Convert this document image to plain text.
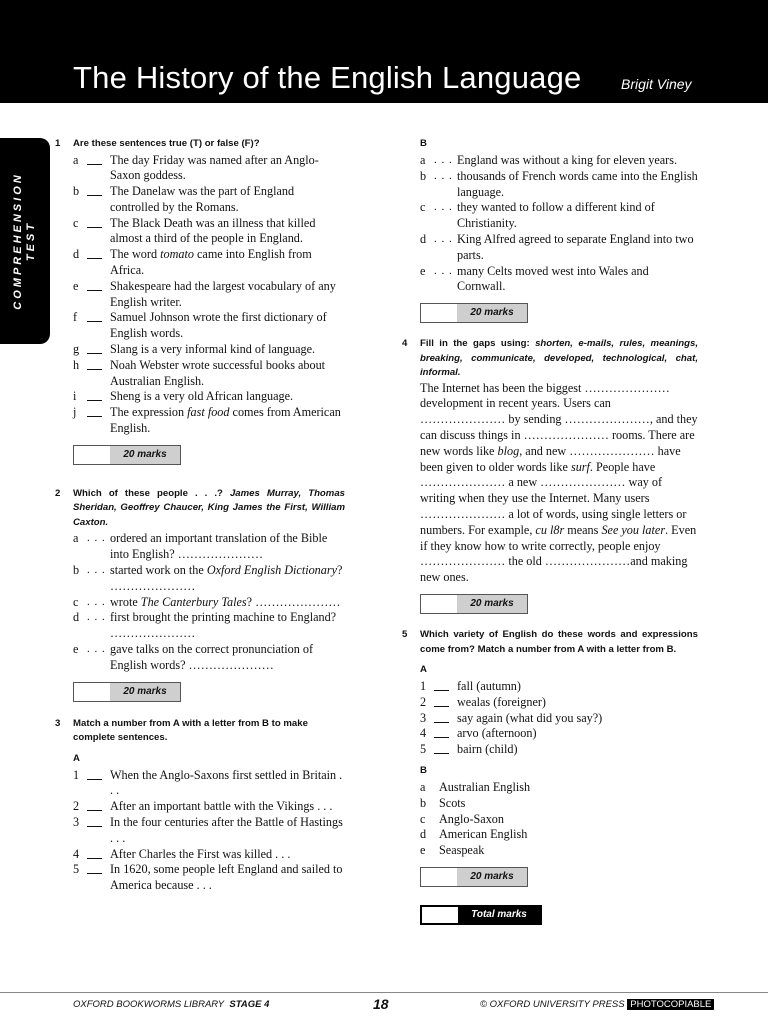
The History of the English Language	Brigit Viney
COMPREHENSION TEST
1 Are these sentences true (T) or false (F)?
a	The day Friday was named after an Anglo-Saxon goddess.
b	The Danelaw was the part of England controlled by the Romans.
c	The Black Death was an illness that killed almost a third of the people in England.
d	The word tomato came into English from Africa.
e	Shakespeare had the largest vocabulary of any English writer.
f	Samuel Johnson wrote the first dictionary of English words.
g	Slang is a very informal kind of language.
h	Noah Webster wrote successful books about Australian English.
i	Sheng is a very old African language.
j	The expression fast food comes from American English.
20 marks
2 Which of these people . . .? James Murray, Thomas Sheridan, Geoffrey Chaucer, King James the First, William Caxton.
a . . . ordered an important translation of the Bible into English? …………………
b . . . started work on the Oxford English Dictionary? …………………
c . . . wrote The Canterbury Tales? …………………
d . . . first brought the printing machine to England? …………………
e . . . gave talks on the correct pronunciation of English words? …………………
20 marks
3 Match a number from A with a letter from B to make complete sentences.
A
1	When the Anglo-Saxons first settled in Britain . . .
2	After an important battle with the Vikings . . .
3	In the four centuries after the Battle of Hastings . . .
4	After Charles the First was killed . . .
5	In 1620, some people left England and sailed to America because . . .
B
a . . . England was without a king for eleven years.
b . . . thousands of French words came into the English language.
c . . . they wanted to follow a different kind of Christianity.
d . . . King Alfred agreed to separate England into two parts.
e . . . many Celts moved west into Wales and Cornwall.
20 marks
4 Fill in the gaps using: shorten, e-mails, rules, meanings, breaking, communicate, developed, technological, chat, informal.
The Internet has been the biggest ………………… development in recent years. Users can ………………… by sending …………………, and they can discuss things in ………………… rooms. There are new words like blog, and new ………………… have been given to older words like surf. People have ………………… a new ………………… way of writing when they use the Internet. Many users ………………… a lot of words, using single letters or numbers. For example, cu l8r means See you later. Even if they know how to write correctly, people enjoy ………………… the old …………………and making new ones.
20 marks
5 Which variety of English do these words and expressions come from? Match a number from A with a letter from B.
A
1	fall (autumn)
2	wealas (foreigner)
3	say again (what did you say?)
4	arvo (afternoon)
5	bairn (child)
B
a Australian English
b Scots
c Anglo-Saxon
d American English
e Seaspeak
20 marks
Total marks
OXFORD BOOKWORMS LIBRARY STAGE 4	18	© OXFORD UNIVERSITY PRESS PHOTOCOPIABLE
